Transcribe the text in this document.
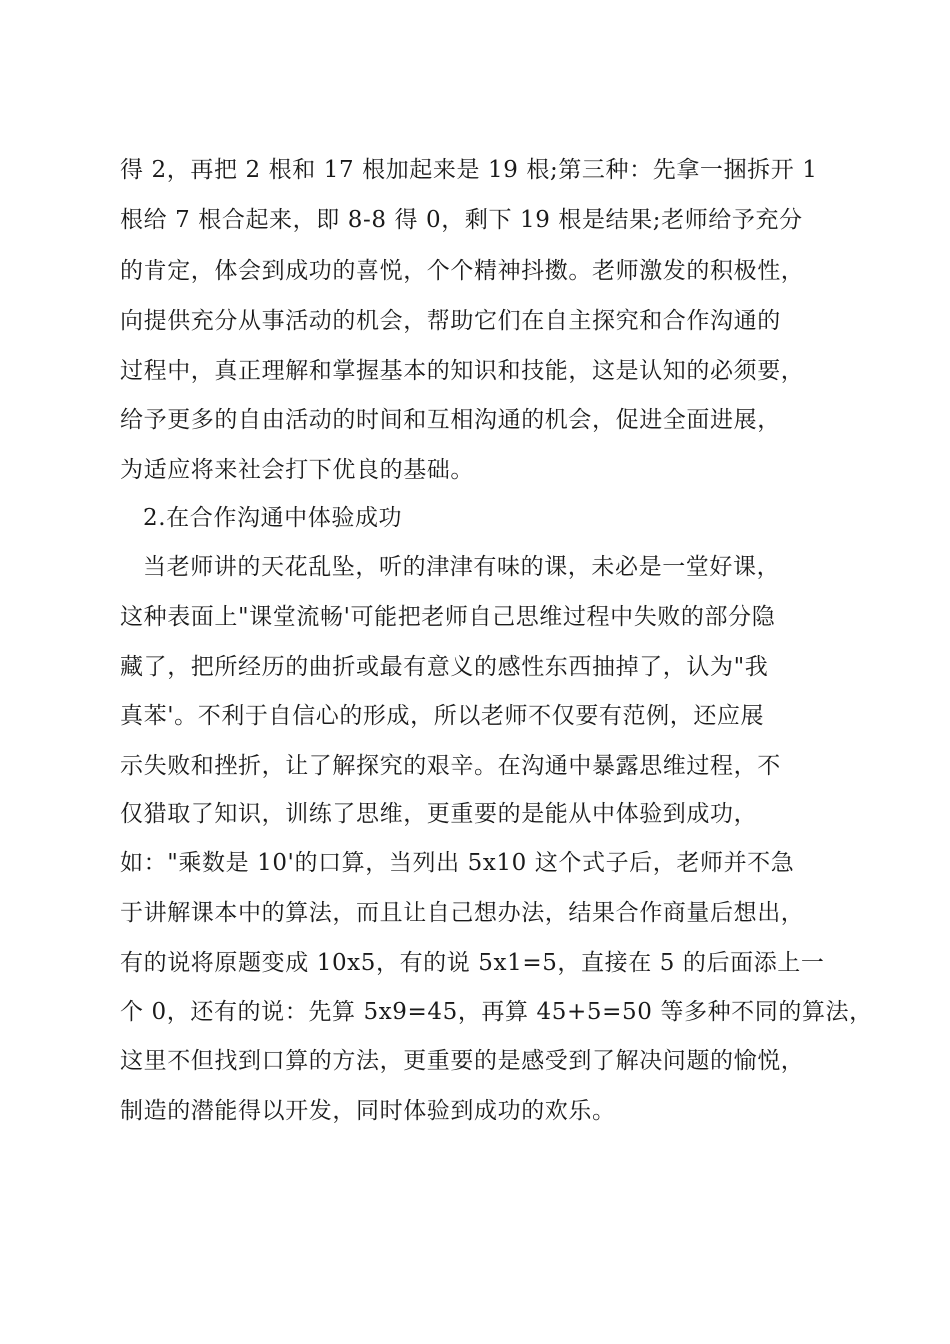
得 2，再把 2 根和 17 根加起来是 19 根;第三种：先拿一捆拆开 1
根给 7 根合起来，即 8-8 得 0，剩下 19 根是结果;老师给予充分
的肯定，体会到成功的喜悦，个个精神抖擞。老师激发的积极性，
向提供充分从事活动的机会，帮助它们在自主探究和合作沟通的
过程中，真正理解和掌握基本的知识和技能，这是认知的必须要，
给予更多的自由活动的时间和互相沟通的机会，促进全面进展，
为适应将来社会打下优良的基础。
2.在合作沟通中体验成功
当老师讲的天花乱坠，听的津津有味的课，未必是一堂好课，
这种表面上"课堂流畅'可能把老师自己思维过程中失败的部分隐
藏了，把所经历的曲折或最有意义的感性东西抽掉了，认为"我
真苯'。不利于自信心的形成，所以老师不仅要有范例，还应展
示失败和挫折，让了解探究的艰辛。在沟通中暴露思维过程，不
仅猎取了知识，训练了思维，更重要的是能从中体验到成功，
如："乘数是 10'的口算，当列出 5x10 这个式子后，老师并不急
于讲解课本中的算法，而且让自己想办法，结果合作商量后想出，
有的说将原题变成 10x5，有的说 5x1=5，直接在 5 的后面添上一
个 0，还有的说：先算 5x9=45，再算 45+5=50 等多种不同的算法，
这里不但找到口算的方法，更重要的是感受到了解决问题的愉悦，
制造的潜能得以开发，同时体验到成功的欢乐。
